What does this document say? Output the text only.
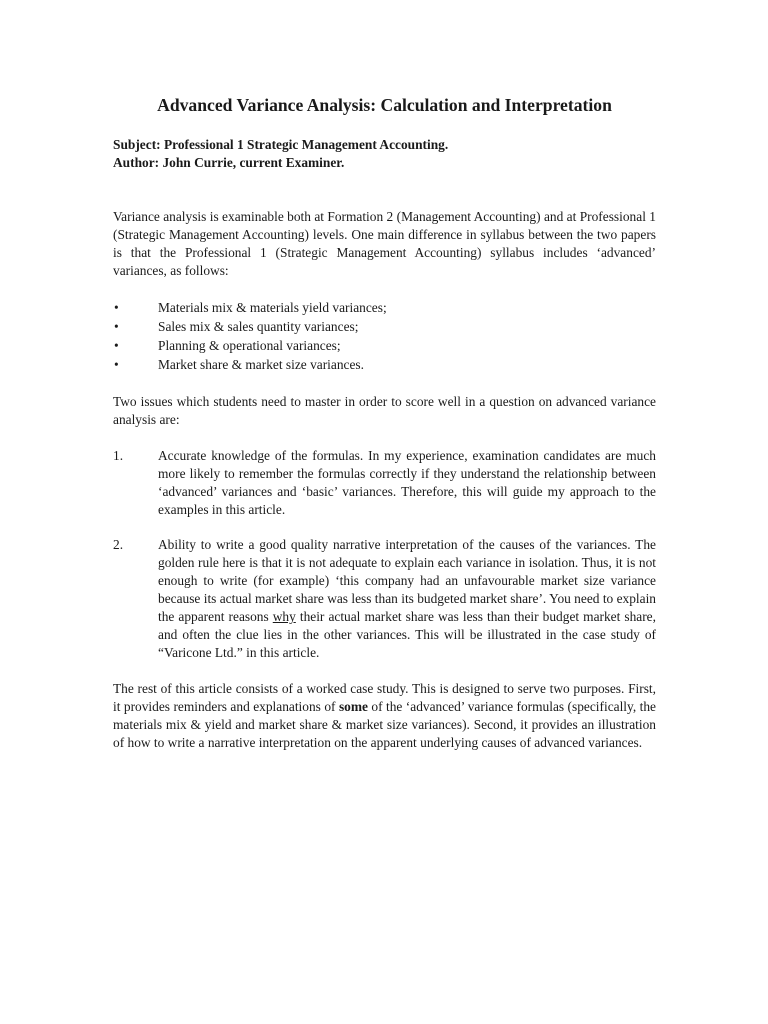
Advanced Variance Analysis: Calculation and Interpretation

Subject: Professional 1 Strategic Management Accounting.

Author: John Currie, current Examiner.

Variance analysis is examinable both at Formation 2 (Management Accounting) and at Professional 1 (Strategic Management Accounting) levels. One main difference in syllabus between the two papers is that the Professional 1 (Strategic Management Accounting) syllabus includes ‘advanced’ variances, as follows:

•	Materials mix & materials yield variances;
•	Sales mix & sales quantity variances;
•	Planning & operational variances;
•	Market share & market size variances.

Two issues which students need to master in order to score well in a question on advanced variance analysis are:

1.	Accurate knowledge of the formulas. In my experience, examination candidates are much more likely to remember the formulas correctly if they understand the relationship between ‘advanced’ variances and ‘basic’ variances. Therefore, this will guide my approach to the examples in this article.
2.	Ability to write a good quality narrative interpretation of the causes of the variances. The golden rule here is that it is not adequate to explain each variance in isolation. Thus, it is not enough to write (for example) ‘this company had an unfavourable market size variance because its actual market share was less than its budgeted market share’. You need to explain the apparent reasons why their actual market share was less than their budget market share, and often the clue lies in the other variances. This will be illustrated in the case study of “Varicone Ltd.” in this article.

The rest of this article consists of a worked case study. This is designed to serve two purposes. First, it provides reminders and explanations of some of the ‘advanced’ variance formulas (specifically, the materials mix & yield and market share & market size variances). Second, it provides an illustration of how to write a narrative interpretation on the apparent underlying causes of advanced variances.
